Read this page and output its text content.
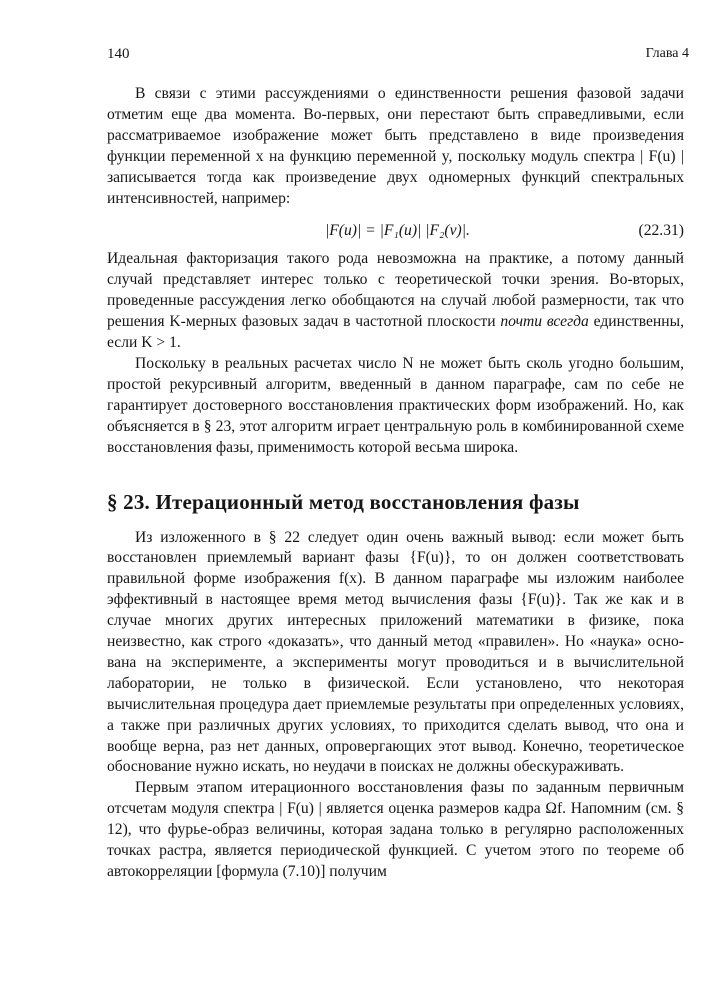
140	Глава 4

В связи с этими рассуждениями о единственности решения фазовой задачи отметим еще два момента. Во-первых, они перестают быть справедливыми, если рассматриваемое изображение может быть представлено в виде произведения функции переменной x на функцию переменной y, поскольку модуль спектра | F(u) | записывается тогда как произведение двух одномерных функций спектральных интенсивностей, например:

|F(u)| = |F₁(u)| |F₂(v)|.	(22.31)

Идеальная факторизация такого рода невозможна на практике, а потому данный случай представляет интерес только с теоретической точки зрения. Во-вторых, проведенные рассуждения легко обобщаются на случай любой размерности, так что решения K-мерных фазовых задач в частотной плоскости почти всегда единственны, если K > 1.

Поскольку в реальных расчетах число N не может быть сколь угодно большим, простой рекурсивный алгоритм, введенный в данном параграфе, сам по себе не гарантирует достоверного восстановления практических форм изображений. Но, как объясняется в § 23, этот алгоритм играет центральную роль в комбинированной схеме восстановления фазы, применимость которой весьма широка.

§ 23. Итерационный метод восстановления фазы

Из изложенного в § 22 следует один очень важный вывод: если может быть восстановлен приемлемый вариант фазы {F(u)}, то он должен соответствовать правильной форме изображения f(x). В данном параграфе мы изложим наиболее эффективный в настоящее время метод вычисления фазы {F(u)}. Так же как и в случае многих других интересных приложений математики в физике, пока неизвестно, как строго «доказать», что данный метод «правилен». Но «наука» основана на эксперименте, а эксперименты могут проводиться и в вычислительной лаборатории, не только в физической. Если установлено, что некоторая вычислительная процедура дает приемлемые результаты при определенных условиях, а также при различных других условиях, то приходится сделать вывод, что она и вообще верна, раз нет данных, опровергающих этот вывод. Конечно, теоретическое обоснование нужно искать, но неудачи в поисках не должны обескураживать.

Первым этапом итерационного восстановления фазы по заданным первичным отсчетам модуля спектра | F(u) | является оценка размеров кадра Ωf. Напомним (см. § 12), что фурье-образ величины, которая задана только в регулярно расположенных точках растра, является периодической функцией. С учетом этого по теореме об автокорреляции [формула (7.10)] получим
